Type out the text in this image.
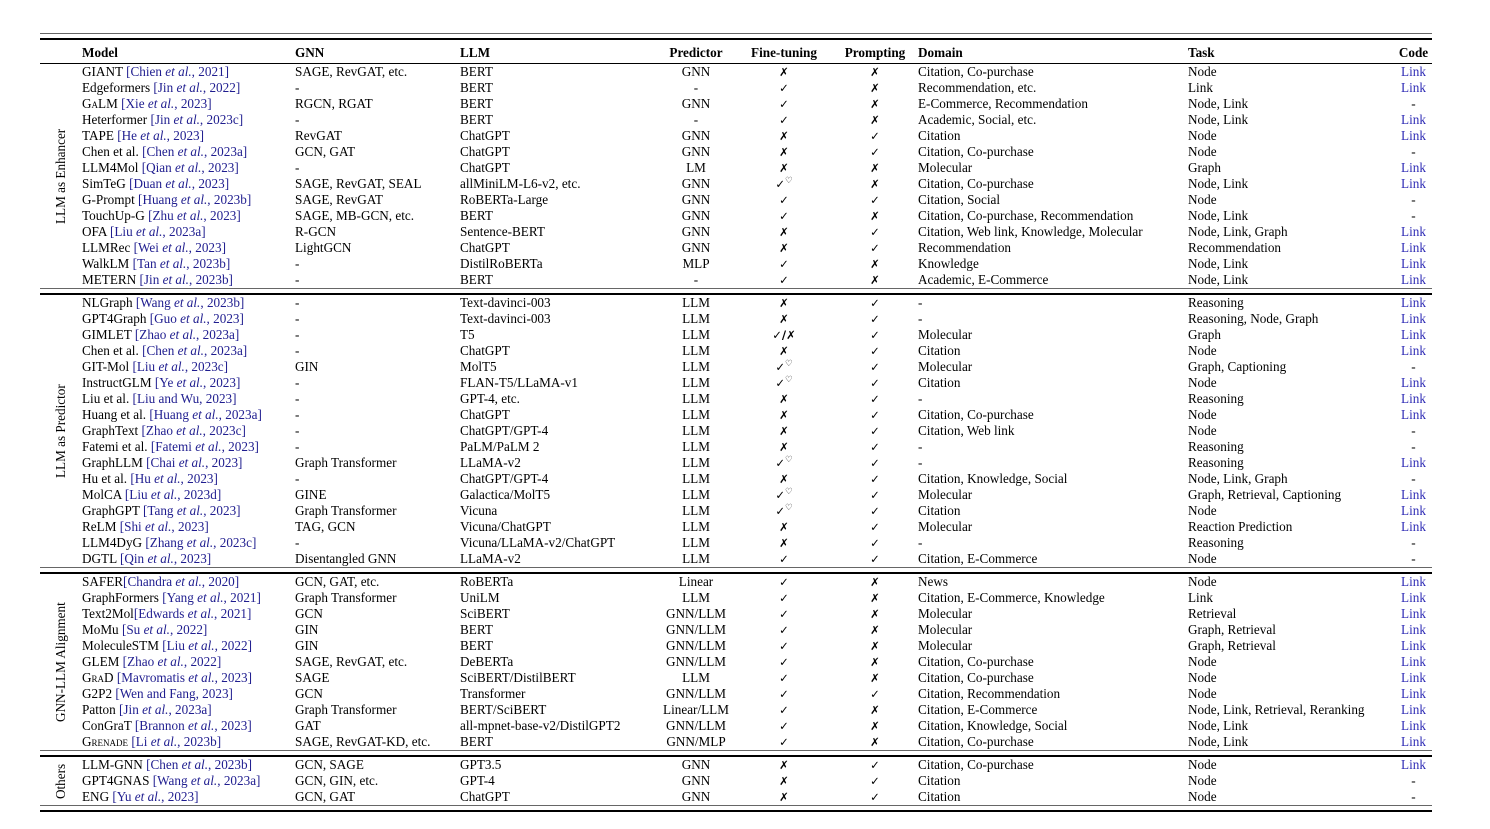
	Model	GNN	LLM	Predictor	Fine-tuning	Prompting	Domain	Task	Code

LLM as Enhancer	GIANT [Chien et al., 2021]	SAGE, RevGAT, etc.	BERT	GNN	✗	✗	Citation, Co-purchase	Node	Link
	Edgeformers [Jin et al., 2022]	-	BERT	-	✓	✗	Recommendation, etc.	Link	Link
	GaLM [Xie et al., 2023]	RGCN, RGAT	BERT	GNN	✓	✗	E-Commerce, Recommendation	Node, Link	-
	Heterformer [Jin et al., 2023c]	-	BERT	-	✓	✗	Academic, Social, etc.	Node, Link	Link
	TAPE [He et al., 2023]	RevGAT	ChatGPT	GNN	✗	✓	Citation	Node	Link
	Chen et al. [Chen et al., 2023a]	GCN, GAT	ChatGPT	GNN	✗	✓	Citation, Co-purchase	Node	-
	LLM4Mol [Qian et al., 2023]	-	ChatGPT	LM	✗	✗	Molecular	Graph	Link
	SimTeG [Duan et al., 2023]	SAGE, RevGAT, SEAL	allMiniLM-L6-v2, etc.	GNN	✓♡	✗	Citation, Co-purchase	Node, Link	Link
	G-Prompt [Huang et al., 2023b]	SAGE, RevGAT	RoBERTa-Large	GNN	✓	✓	Citation, Social	Node	-
	TouchUp-G [Zhu et al., 2023]	SAGE, MB-GCN, etc.	BERT	GNN	✓	✗	Citation, Co-purchase, Recommendation	Node, Link	-
	OFA [Liu et al., 2023a]	R-GCN	Sentence-BERT	GNN	✗	✓	Citation, Web link, Knowledge, Molecular	Node, Link, Graph	Link
	LLMRec [Wei et al., 2023]	LightGCN	ChatGPT	GNN	✗	✓	Recommendation	Recommendation	Link
	WalkLM [Tan et al., 2023b]	-	DistilRoBERTa	MLP	✓	✗	Knowledge	Node, Link	Link
	METERN [Jin et al., 2023b]	-	BERT	-	✓	✗	Academic, E-Commerce	Node, Link	Link

LLM as Predictor	NLGraph [Wang et al., 2023b]	-	Text-davinci-003	LLM	✗	✓	-	Reasoning	Link
	GPT4Graph [Guo et al., 2023]	-	Text-davinci-003	LLM	✗	✓	-	Reasoning, Node, Graph	Link
	GIMLET [Zhao et al., 2023a]	-	T5	LLM	✓/✗	✓	Molecular	Graph	Link
	Chen et al. [Chen et al., 2023a]	-	ChatGPT	LLM	✗	✓	Citation	Node	Link
	GIT-Mol [Liu et al., 2023c]	GIN	MolT5	LLM	✓♡	✓	Molecular	Graph, Captioning	-
	InstructGLM [Ye et al., 2023]	-	FLAN-T5/LLaMA-v1	LLM	✓♡	✓	Citation	Node	Link
	Liu et al. [Liu and Wu, 2023]	-	GPT-4, etc.	LLM	✗	✓	-	Reasoning	Link
	Huang et al. [Huang et al., 2023a]	-	ChatGPT	LLM	✗	✓	Citation, Co-purchase	Node	Link
	GraphText [Zhao et al., 2023c]	-	ChatGPT/GPT-4	LLM	✗	✓	Citation, Web link	Node	-
	Fatemi et al. [Fatemi et al., 2023]	-	PaLM/PaLM 2	LLM	✗	✓	-	Reasoning	-
	GraphLLM [Chai et al., 2023]	Graph Transformer	LLaMA-v2	LLM	✓♡	✓	-	Reasoning	Link
	Hu et al. [Hu et al., 2023]	-	ChatGPT/GPT-4	LLM	✗	✓	Citation, Knowledge, Social	Node, Link, Graph	-
	MolCA [Liu et al., 2023d]	GINE	Galactica/MolT5	LLM	✓♡	✓	Molecular	Graph, Retrieval, Captioning	Link
	GraphGPT [Tang et al., 2023]	Graph Transformer	Vicuna	LLM	✓♡	✓	Citation	Node	Link
	ReLM [Shi et al., 2023]	TAG, GCN	Vicuna/ChatGPT	LLM	✗	✓	Molecular	Reaction Prediction	Link
	LLM4DyG [Zhang et al., 2023c]	-	Vicuna/LLaMA-v2/ChatGPT	LLM	✗	✓	-	Reasoning	-
	DGTL [Qin et al., 2023]	Disentangled GNN	LLaMA-v2	LLM	✓	✓	Citation, E-Commerce	Node	-

GNN-LLM Alignment	SAFER[Chandra et al., 2020]	GCN, GAT, etc.	RoBERTa	Linear	✓	✗	News	Node	Link
	GraphFormers [Yang et al., 2021]	Graph Transformer	UniLM	LLM	✓	✗	Citation, E-Commerce, Knowledge	Link	Link
	Text2Mol[Edwards et al., 2021]	GCN	SciBERT	GNN/LLM	✓	✗	Molecular	Retrieval	Link
	MoMu [Su et al., 2022]	GIN	BERT	GNN/LLM	✓	✗	Molecular	Graph, Retrieval	Link
	MoleculeSTM [Liu et al., 2022]	GIN	BERT	GNN/LLM	✓	✗	Molecular	Graph, Retrieval	Link
	GLEM [Zhao et al., 2022]	SAGE, RevGAT, etc.	DeBERTa	GNN/LLM	✓	✗	Citation, Co-purchase	Node	Link
	GraD [Mavromatis et al., 2023]	SAGE	SciBERT/DistilBERT	LLM	✓	✗	Citation, Co-purchase	Node	Link
	G2P2 [Wen and Fang, 2023]	GCN	Transformer	GNN/LLM	✓	✓	Citation, Recommendation	Node	Link
	Patton [Jin et al., 2023a]	Graph Transformer	BERT/SciBERT	Linear/LLM	✓	✗	Citation, E-Commerce	Node, Link, Retrieval, Reranking	Link
	ConGraT [Brannon et al., 2023]	GAT	all-mpnet-base-v2/DistilGPT2	GNN/LLM	✓	✗	Citation, Knowledge, Social	Node, Link	Link
	Grenade [Li et al., 2023b]	SAGE, RevGAT-KD, etc.	BERT	GNN/MLP	✓	✗	Citation, Co-purchase	Node, Link	Link

Others	LLM-GNN [Chen et al., 2023b]	GCN, SAGE	GPT3.5	GNN	✗	✓	Citation, Co-purchase	Node	Link
	GPT4GNAS [Wang et al., 2023a]	GCN, GIN, etc.	GPT-4	GNN	✗	✓	Citation	Node	-
	ENG [Yu et al., 2023]	GCN, GAT	ChatGPT	GNN	✗	✓	Citation	Node	-
